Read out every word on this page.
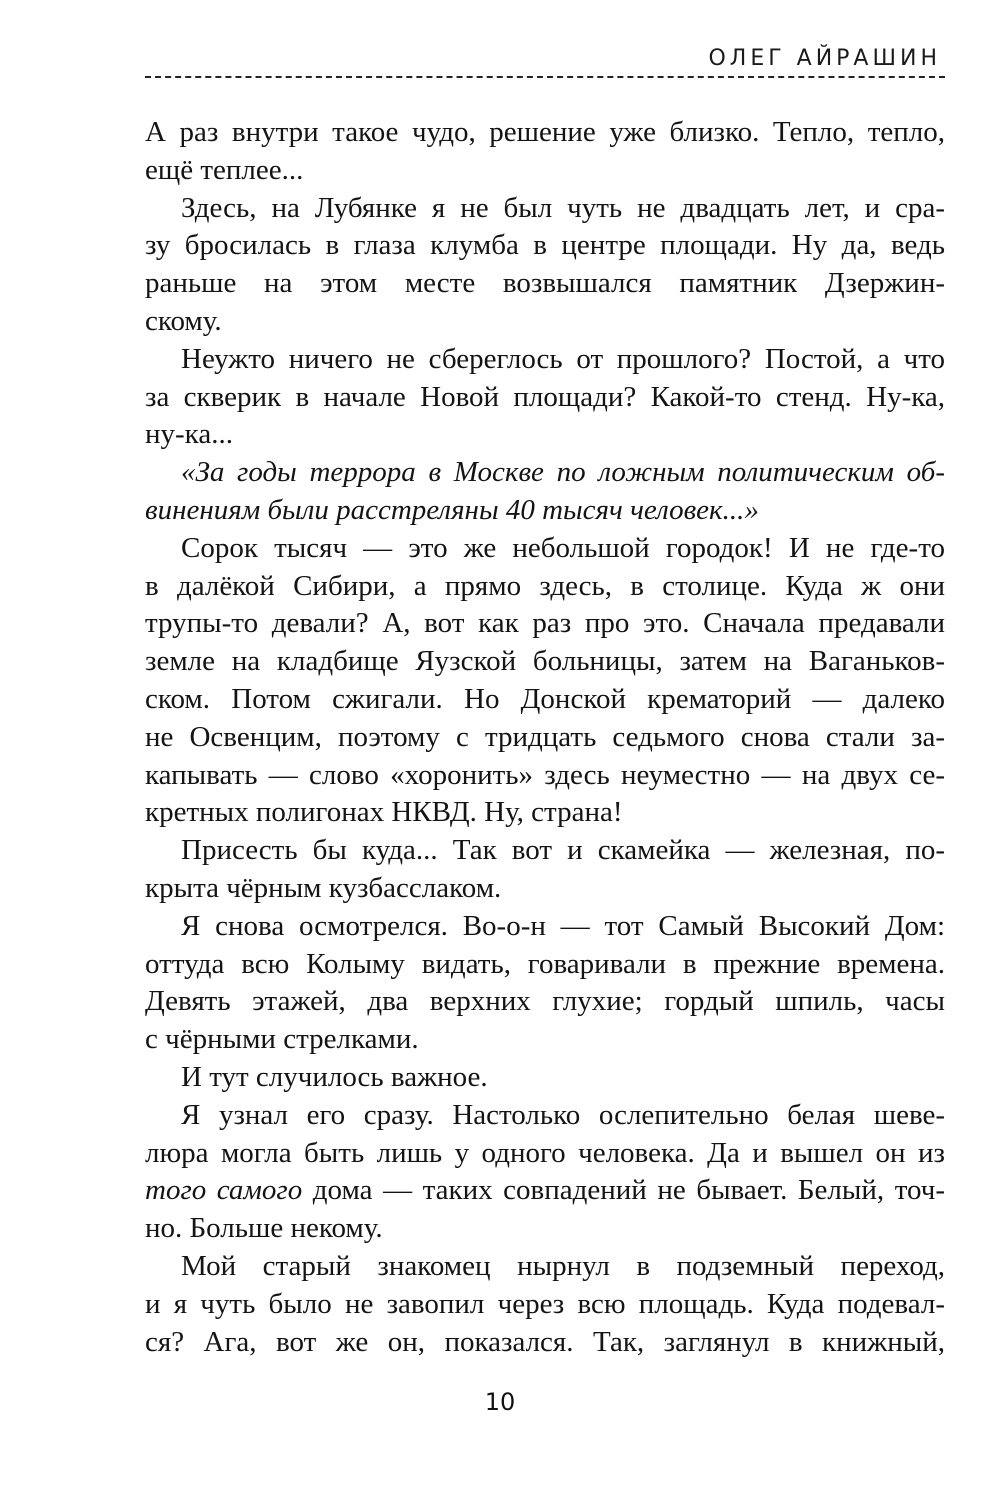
ОЛЕГ АЙРАШИН
А раз внутри такое чудо, решение уже близко. Тепло, тепло,
ещё теплее...
Здесь, на Лубянке я не был чуть не двадцать лет, и сра-
зу бросилась в глаза клумба в центре площади. Ну да, ведь
раньше на этом месте возвышался памятник Дзержин-
скому.
Неужто ничего не сбереглось от прошлого? Постой, а что
за скверик в начале Новой площади? Какой-то стенд. Ну-ка,
ну-ка...
«За годы террора в Москве по ложным политическим об-
винениям были расстреляны 40 тысяч человек...»
Сорок тысяч — это же небольшой городок! И не где-то
в далёкой Сибири, а прямо здесь, в столице. Куда ж они
трупы-то девали? А, вот как раз про это. Сначала предавали
земле на кладбище Яузской больницы, затем на Ваганьков-
ском. Потом сжигали. Но Донской крематорий — далеко
не Освенцим, поэтому с тридцать седьмого снова стали за-
капывать — слово «хоронить» здесь неуместно — на двух се-
кретных полигонах НКВД. Ну, страна!
Присесть бы куда... Так вот и скамейка — железная, по-
крыта чёрным кузбасслаком.
Я снова осмотрелся. Во-о-н — тот Самый Высокий Дом:
оттуда всю Колыму видать, говаривали в прежние времена.
Девять этажей, два верхних глухие; гордый шпиль, часы
с чёрными стрелками.
И тут случилось важное.
Я узнал его сразу. Настолько ослепительно белая шеве-
люра могла быть лишь у одного человека. Да и вышел он из
того самого дома — таких совпадений не бывает. Белый, точ-
но. Больше некому.
Мой старый знакомец нырнул в подземный переход,
и я чуть было не завопил через всю площадь. Куда подевал-
ся? Ага, вот же он, показался. Так, заглянул в книжный,
10
